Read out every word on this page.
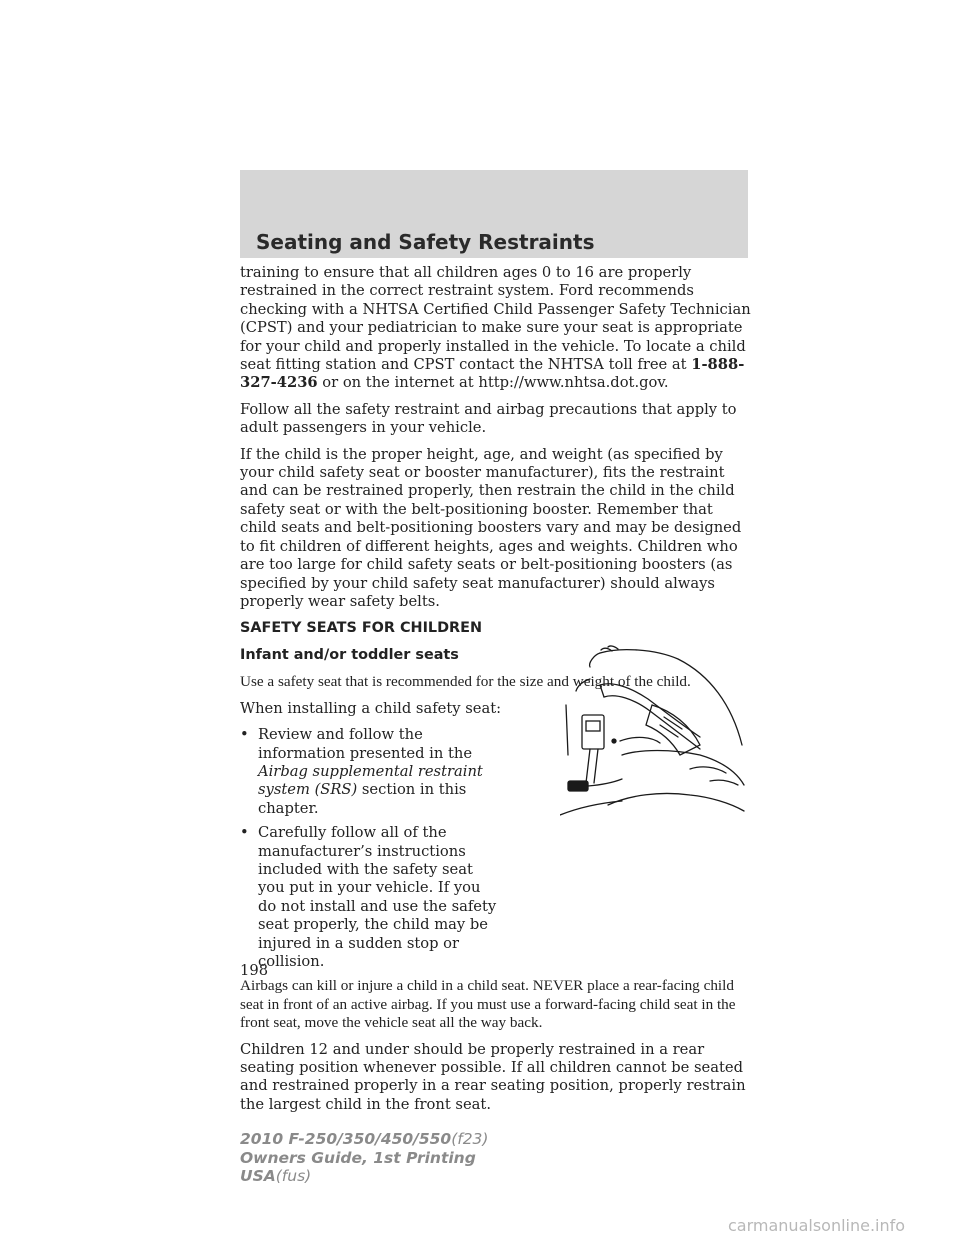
Seating and Safety Restraints

training to ensure that all children ages 0 to 16 are properly restrained in the correct restraint system. Ford recommends checking with a NHTSA Certified Child Passenger Safety Technician (CPST) and your pediatrician to make sure your seat is appropriate for your child and properly installed in the vehicle. To locate a child seat fitting station and CPST contact the NHTSA toll free at 1-888-327-4236 or on the internet at http://www.nhtsa.dot.gov.

Follow all the safety restraint and airbag precautions that apply to adult passengers in your vehicle.

If the child is the proper height, age, and weight (as specified by your child safety seat or booster manufacturer), fits the restraint and can be restrained properly, then restrain the child in the child safety seat or with the belt-positioning booster. Remember that child seats and belt-positioning boosters vary and may be designed to fit children of different heights, ages and weights. Children who are too large for child safety seats or belt-positioning boosters (as specified by your child safety seat manufacturer) should always properly wear safety belts.

SAFETY SEATS FOR CHILDREN
Infant and/or toddler seats

Use a safety seat that is recommended for the size and weight of the child.

When installing a child safety seat:

• Review and follow the information presented in the Airbag supplemental restraint system (SRS) section in this chapter.
• Carefully follow all of the manufacturer’s instructions included with the safety seat you put in your vehicle. If you do not install and use the safety seat properly, the child may be injured in a sudden stop or collision.

Airbags can kill or injure a child in a child seat. NEVER place a rear-facing child seat in front of an active airbag. If you must use a forward-facing child seat in the front seat, move the vehicle seat all the way back.

Children 12 and under should be properly restrained in a rear seating position whenever possible. If all children cannot be seated and restrained properly in a rear seating position, properly restrain the largest child in the front seat.

198
2010 F-250/350/450/550(f23)
Owners Guide, 1st Printing
USA(fus)
carmanualsonline.info
